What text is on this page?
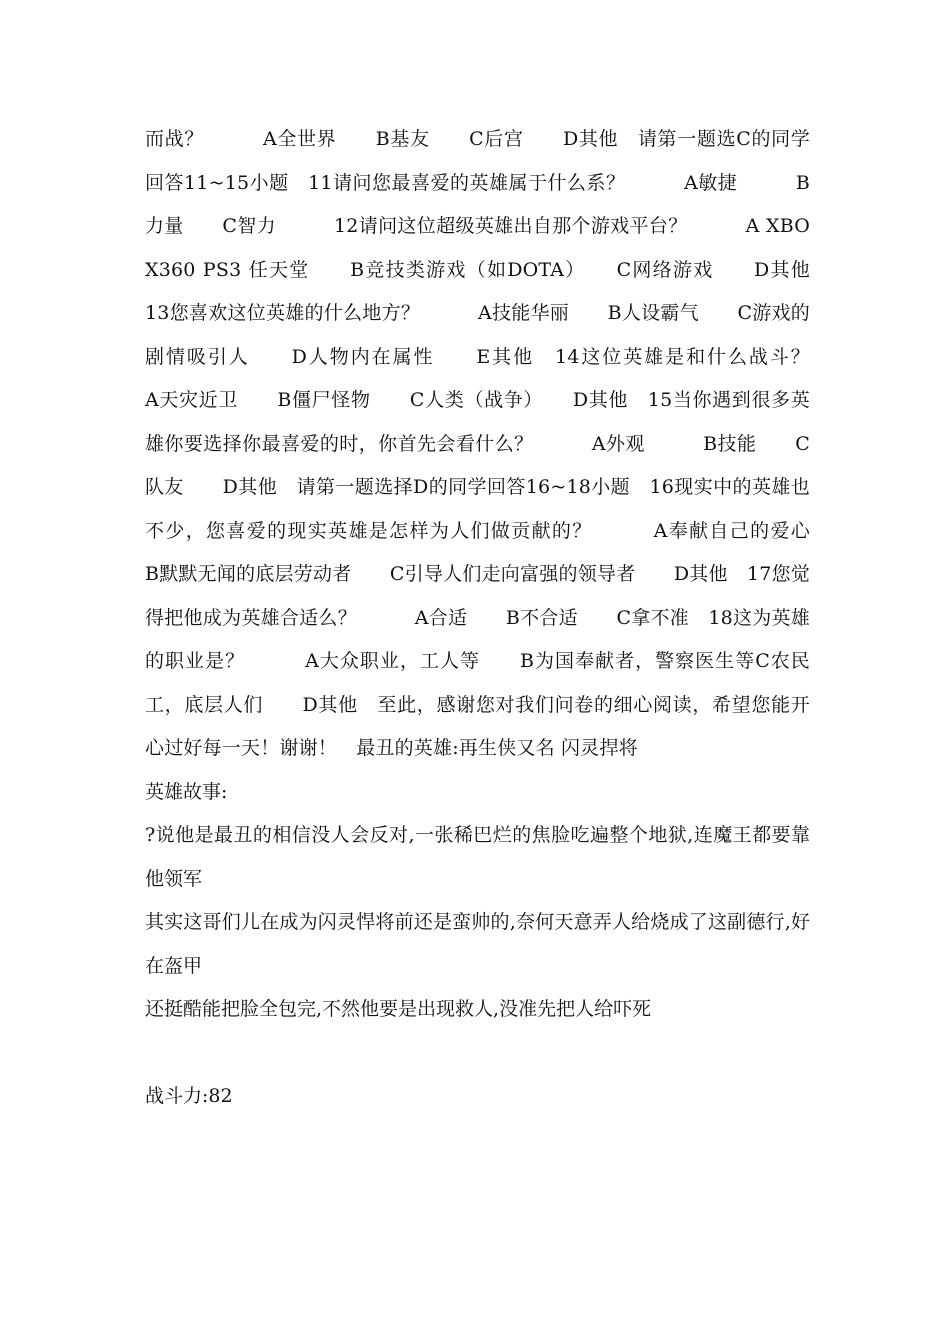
而战？　　　A全世界　　B基友　　C后宫　　D其他　请第一题选C的同学回答11~15小题　11请问您最喜爱的英雄属于什么系？　　　A敏捷　　　B力量　　C智力　　　12请问这位超级英雄出自那个游戏平台？　　　A XBOX360 PS3 任天堂　　B竞技类游戏（如DOTA）　　C网络游戏　　D其他　13您喜欢这位英雄的什么地方？　　　A技能华丽　　B人设霸气　　C游戏的剧情吸引人　　D人物内在属性　　E其他　14这位英雄是和什么战斗？　　　A天灾近卫　　B僵尸怪物　　C人类（战争）　　D其他　15当你遇到很多英雄你要选择你最喜爱的时，你首先会看什么？　　　A外观　　　B技能　　C队友　　D其他　请第一题选择D的同学回答16~18小题　16现实中的英雄也不少，您喜爱的现实英雄是怎样为人们做贡献的？　　　A奉献自己的爱心　　B默默无闻的底层劳动者　　C引导人们走向富强的领导者　　D其他　17您觉得把他成为英雄合适么？　　　A合适　　B不合适　　C拿不准　18这为英雄的职业是？　　　A大众职业，工人等　　B为国奉献者，警察医生等C农民工，底层人们　　D其他　至此，感谢您对我们问卷的细心阅读，希望您能开心过好每一天！谢谢！　最丑的英雄:再生侠又名 闪灵捍将

英雄故事:

?说他是最丑的相信没人会反对,一张稀巴烂的焦脸吃遍整个地狱,连魔王都要靠他领军

其实这哥们儿在成为闪灵悍将前还是蛮帅的,奈何天意弄人给烧成了这副德行,好在盔甲

还挺酷能把脸全包完,不然他要是出现救人,没准先把人给吓死

战斗力:82
